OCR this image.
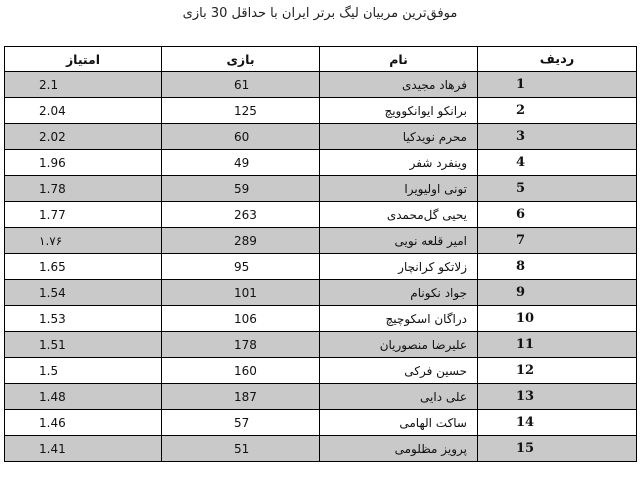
موفق‌ترین مربیان لیگ برتر ایران با حداقل 30 بازی
امتیاز	بازی	نام	ردیف
2.1	61	فرهاد مجیدی	1
2.04	125	برانکو ایوانکوویچ	2
2.02	60	محرم نویدکیا	3
1.96	49	وینفرد شفر	4
1.78	59	تونی اولیویرا	5
1.77	263	یحیی گل‌محمدی	6
۱.۷۶	289	امیر قلعه نویی	7
1.65	95	زلاتکو کرانچار	8
1.54	101	جواد نکونام	9
1.53	106	دراگان اسکوچیچ	10
1.51	178	علیرضا منصوریان	11
1.5	160	حسین فرکی	12
1.48	187	علی دایی	13
1.46	57	ساکت الهامی	14
1.41	51	پرویز مظلومی	15
